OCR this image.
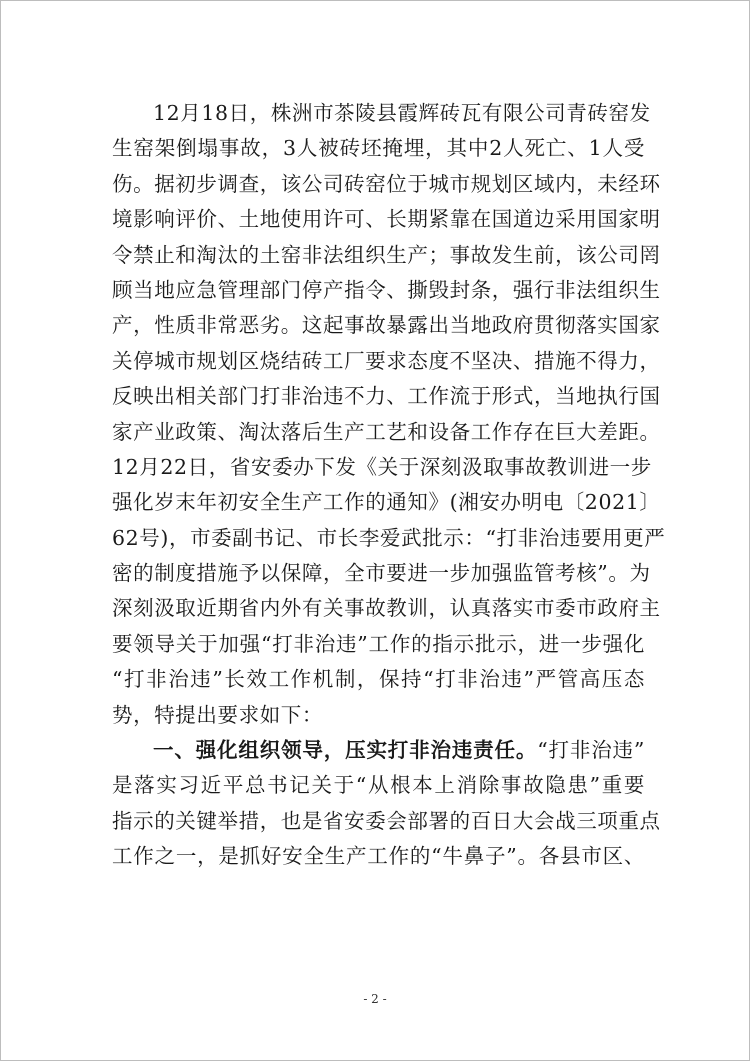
12月18日，株洲市茶陵县霞辉砖瓦有限公司青砖窑发
生窑架倒塌事故，3人被砖坯掩埋，其中2人死亡、1人受
伤。据初步调查，该公司砖窑位于城市规划区域内，未经环
境影响评价、土地使用许可、长期紧靠在国道边采用国家明
令禁止和淘汰的土窑非法组织生产；事故发生前，该公司罔
顾当地应急管理部门停产指令、撕毁封条，强行非法组织生
产，性质非常恶劣。这起事故暴露出当地政府贯彻落实国家
关停城市规划区烧结砖工厂要求态度不坚决、措施不得力，
反映出相关部门打非治违不力、工作流于形式，当地执行国
家产业政策、淘汰落后生产工艺和设备工作存在巨大差距。
12月22日，省安委办下发《关于深刻汲取事故教训进一步
强化岁末年初安全生产工作的通知》(湘安办明电〔2021〕
62号)，市委副书记、市长李爱武批示：“打非治违要用更严
密的制度措施予以保障，全市要进一步加强监管考核”。为
深刻汲取近期省内外有关事故教训，认真落实市委市政府主
要领导关于加强“打非治违”工作的指示批示，进一步强化
“打非治违”长效工作机制，保持“打非治违”严管高压态
势，特提出要求如下：
一、强化组织领导，压实打非治违责任。“打非治违”
是落实习近平总书记关于“从根本上消除事故隐患”重要
指示的关键举措，也是省安委会部署的百日大会战三项重点
工作之一，是抓好安全生产工作的“牛鼻子”。各县市区、
- 2 -
